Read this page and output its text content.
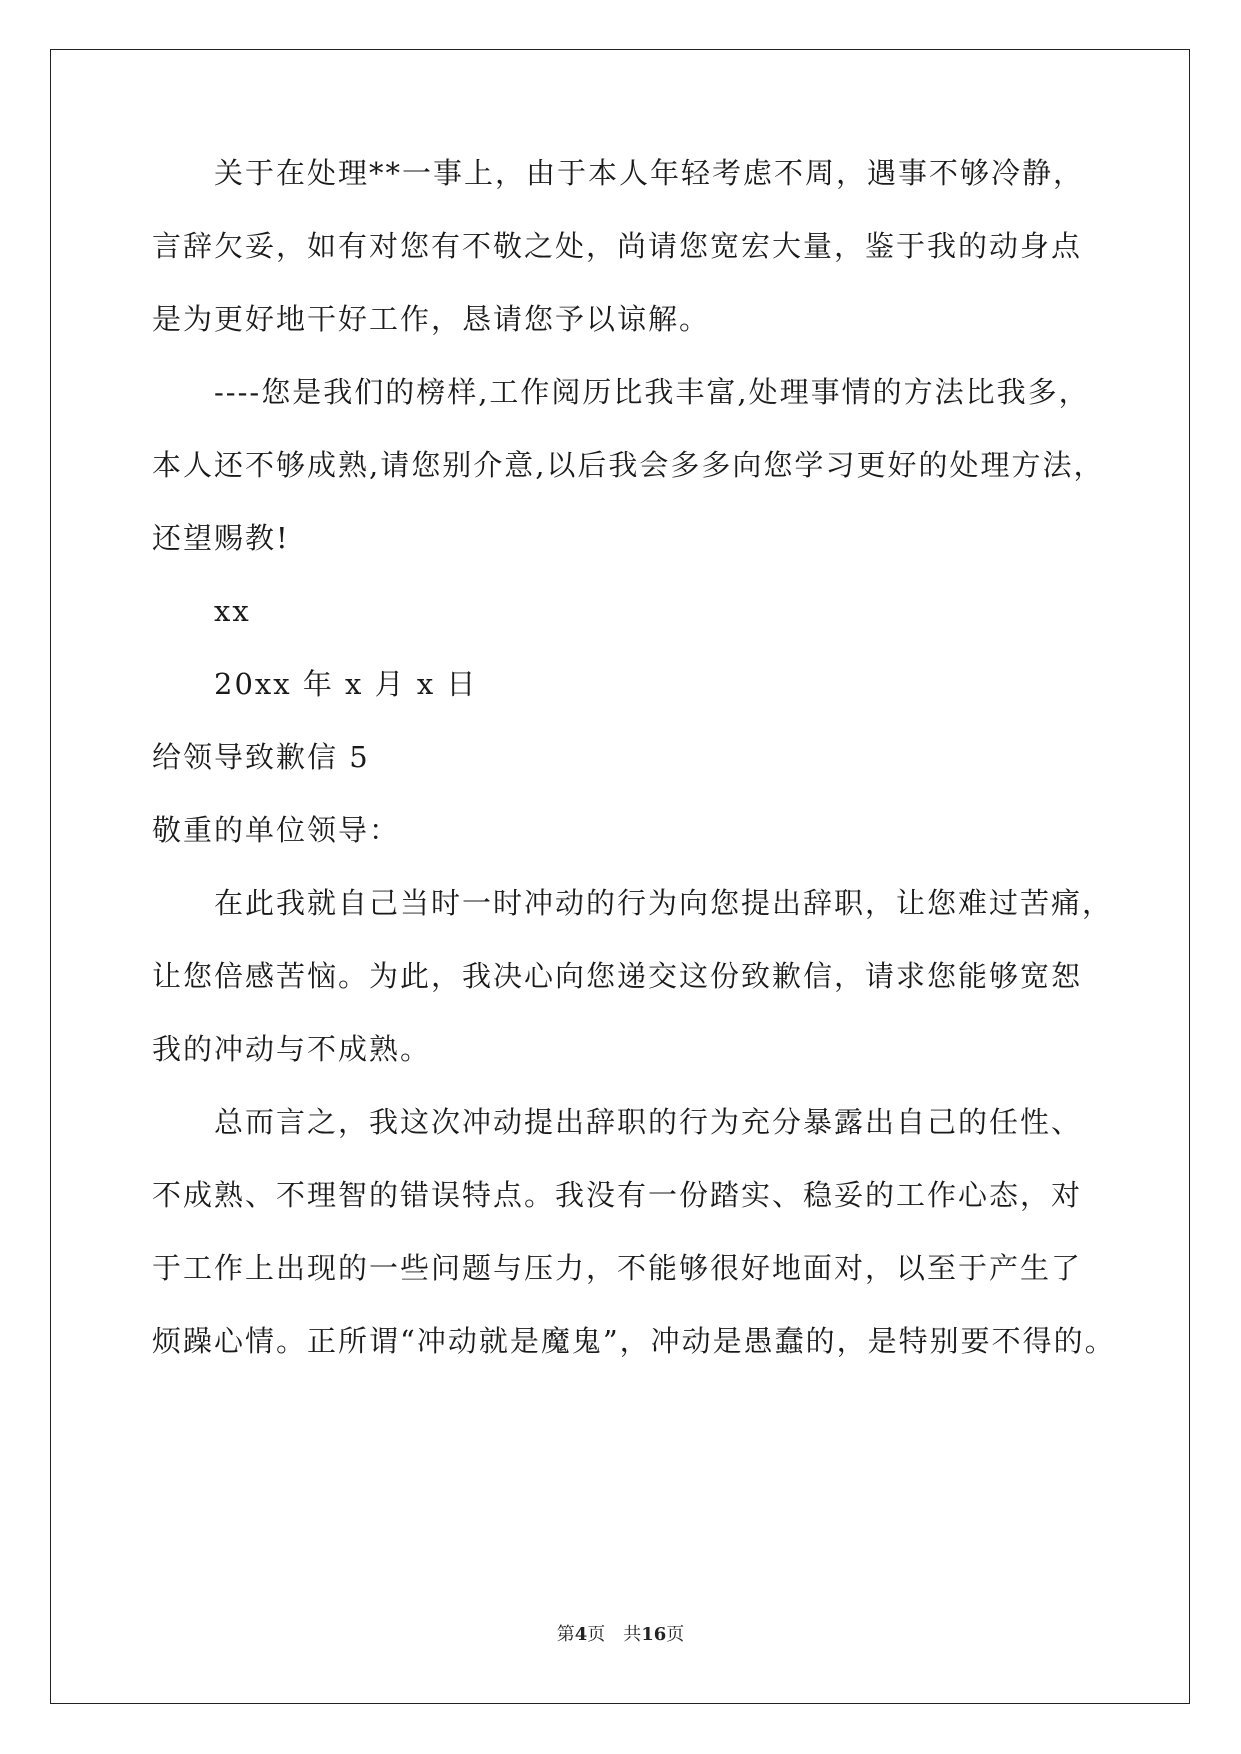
关于在处理**一事上，由于本人年轻考虑不周，遇事不够冷静，
言辞欠妥，如有对您有不敬之处，尚请您宽宏大量，鉴于我的动身点
是为更好地干好工作，恳请您予以谅解。
----您是我们的榜样,工作阅历比我丰富,处理事情的方法比我多，
本人还不够成熟,请您别介意,以后我会多多向您学习更好的处理方法，
还望赐教!
xx
20xx 年 x 月 x 日
给领导致歉信 5
敬重的单位领导：
在此我就自己当时一时冲动的行为向您提出辞职，让您难过苦痛，
让您倍感苦恼。为此，我决心向您递交这份致歉信，请求您能够宽恕
我的冲动与不成熟。
总而言之，我这次冲动提出辞职的行为充分暴露出自己的任性、
不成熟、不理智的错误特点。我没有一份踏实、稳妥的工作心态，对
于工作上出现的一些问题与压力，不能够很好地面对，以至于产生了
烦躁心情。正所谓“冲动就是魔鬼”，冲动是愚蠢的，是特别要不得的。
第4页　共16页
